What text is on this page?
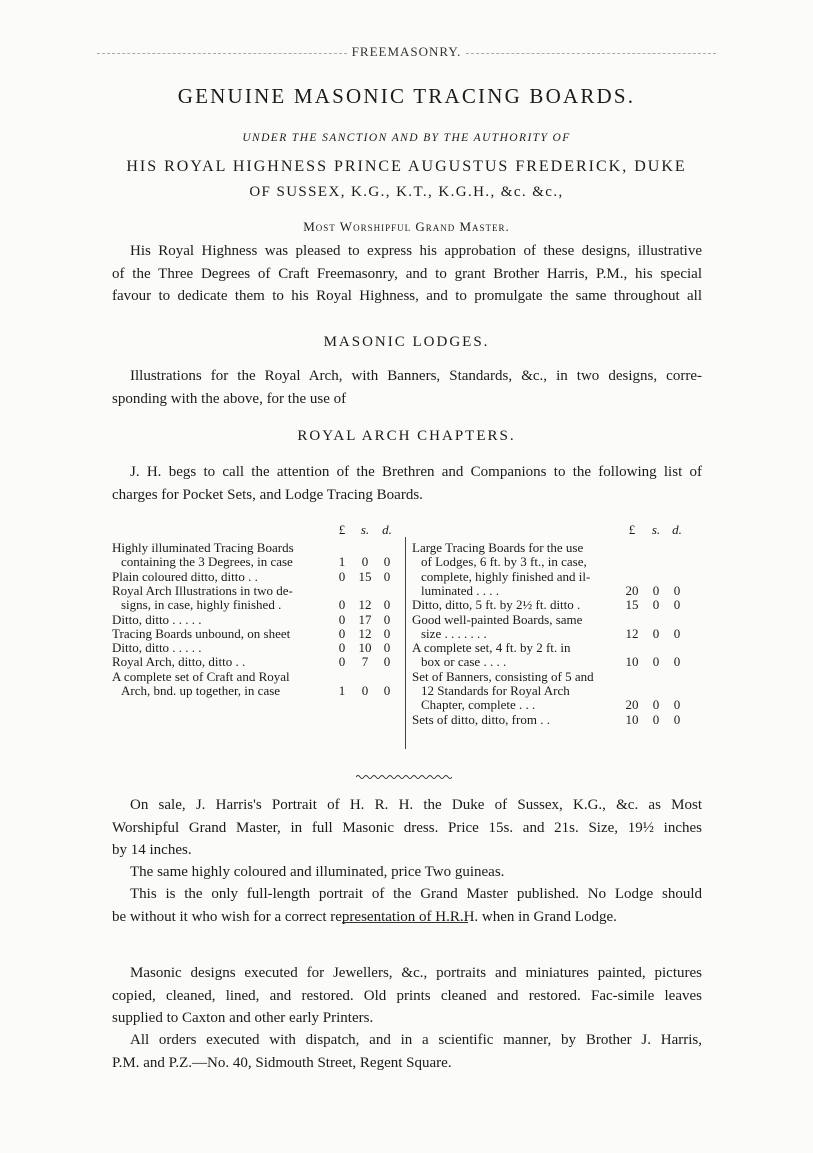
FREEMASONRY.
GENUINE MASONIC TRACING BOARDS.
UNDER THE SANCTION AND BY THE AUTHORITY OF
HIS ROYAL HIGHNESS PRINCE AUGUSTUS FREDERICK, DUKE
OF SUSSEX, K.G., K.T., K.G.H., &c. &c.,
Most Worshipful Grand Master.
His Royal Highness was pleased to express his approbation of these designs, illustrative
of the Three Degrees of Craft Freemasonry, and to grant Brother Harris, P.M., his special
favour to dedicate them to his Royal Highness, and to promulgate the same throughout all
MASONIC LODGES.
Illustrations for the Royal Arch, with Banners, Standards, &c., in two designs, corre-
sponding with the above, for the use of
ROYAL ARCH CHAPTERS.
J. H. begs to call the attention of the Brethren and Companions to the following list of
charges for Pocket Sets, and Lodge Tracing Boards.
£ s. d.	£ s. d.
Highly illuminated Tracing Boards
containing the 3 Degrees, in case	1 0 0
Plain coloured ditto, ditto . .	0 15 0
Royal Arch Illustrations in two de-
signs, in case, highly finished .	0 12 0
Ditto, ditto . . . . .	0 17 0
Tracing Boards unbound, on sheet	0 12 0
Ditto, ditto . . . . .	0 10 0
Royal Arch, ditto, ditto . .	0 7 0
A complete set of Craft and Royal
Arch, bnd. up together, in case	1 0 0
Large Tracing Boards for the use
of Lodges, 6 ft. by 3 ft., in case,
complete, highly finished and il-
luminated . . . .	20 0 0
Ditto, ditto, 5 ft. by 2½ ft. ditto .	15 0 0
Good well-painted Boards, same
size . . . . . . .	12 0 0
A complete set, 4 ft. by 2 ft. in
box or case . . . .	10 0 0
Set of Banners, consisting of 5 and
12 Standards for Royal Arch
Chapter, complete . . .	20 0 0
Sets of ditto, ditto, from . .	10 0 0
On sale, J. Harris's Portrait of H. R. H. the Duke of Sussex, K.G., &c. as Most
Worshipful Grand Master, in full Masonic dress. Price 15s. and 21s. Size, 19½ inches
by 14 inches.
The same highly coloured and illuminated, price Two guineas.
This is the only full-length portrait of the Grand Master published. No Lodge should
be without it who wish for a correct representation of H.R.H. when in Grand Lodge.
Masonic designs executed for Jewellers, &c., portraits and miniatures painted, pictures
copied, cleaned, lined, and restored. Old prints cleaned and restored. Fac-simile leaves
supplied to Caxton and other early Printers.
All orders executed with dispatch, and in a scientific manner, by Brother J. Harris,
P.M. and P.Z.—No. 40, Sidmouth Street, Regent Square.
